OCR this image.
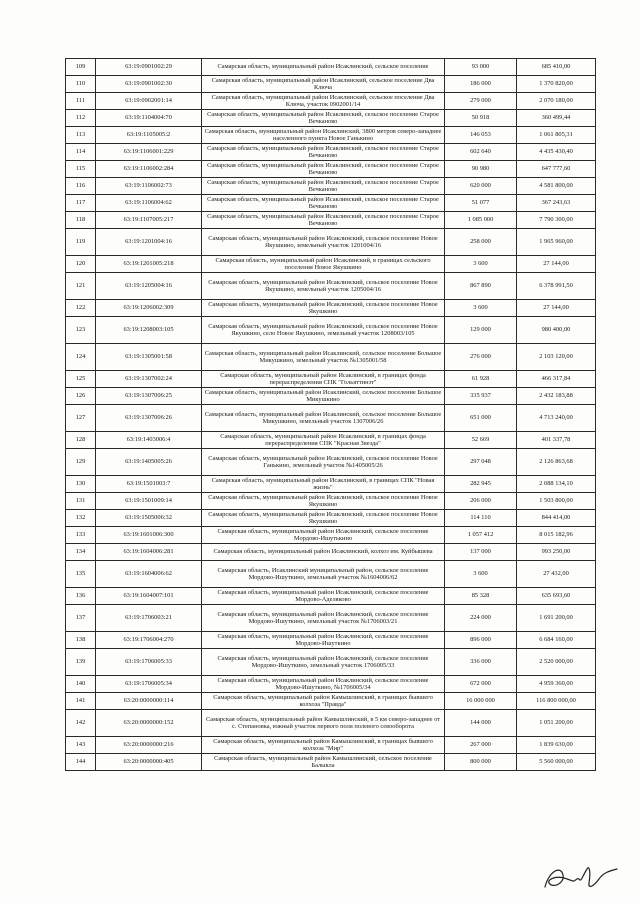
109	63:19:0901002:29	Самарская область, муниципальный район Исаклинский, сельское поселение	93 000	685 410,00
110	63:19:0901002:30	Самарская область, муниципальный район Исаклинский, сельское поселение Два Ключа	186 000	1 370 820,00
111	63:19:0902001:14	Самарская область, муниципальный район Исаклинский, сельское поселение Два Ключа, участок 0902001/14	279 000	2 070 180,00
112	63:19:1104004:70	Самарская область, муниципальный район Исаклинский, сельское поселение Старое Вечканово	50 918	360 499,44
113	63:19:1105005:2	Самарская область, муниципальный район Исаклинский, 3800 метров северо-западнее населенного пункта Новое Ганькино	146 053	1 061 805,31
114	63:19:1106001:229	Самарская область, муниципальный район Исаклинский, сельское поселение Старое Вечканово	602 640	4 435 430,40
115	63:19:1106002:284	Самарская область, муниципальный район Исаклинский, сельское поселение Старое Вечканово	90 980	647 777,60
116	63:19:1106002:73	Самарская область, муниципальный район Исаклинский, сельское поселение Старое Вечканово	620 000	4 581 800,00
117	63:19:1106004:62	Самарская область, муниципальный район Исаклинский, сельское поселение Старое Вечканово	51 077	367 243,63
118	63:19:1107005:217	Самарская область, муниципальный район Исаклинский, сельское поселение Старое Вечканово	1 085 000	7 790 300,00
119	63:19:1201004:16	Самарская область, муниципальный район Исаклинский, сельское поселение Новое Якушкино, земельный участок 1201004/16	258 000	1 965 960,00
120	63:19:1201005:218	Самарская область, муниципальный район Исаклинский, в границах сельского поселения Новое Якушкино	3 600	27 144,00
121	63:19:1205004:16	Самарская область, муниципальный район Исаклинский, сельское поселение Новое Якушкино, земельный участок 1205004/16	867 890	6 378 991,50
122	63:19:1206002:309	Самарская область, муниципальный район Исаклинский, сельское поселение Новое Якушкино	3 600	27 144,00
123	63:19:1208003:105	Самарская область, муниципальный район Исаклинский, сельское поселение Новое Якушкино, село Новое Якушкино, земельный участок 1208003/105	129 000	980 400,00
124	63:19:1305001:58	Самарская область, муниципальный район Исаклинский, сельское поселение Большое Микушкино, земельный участок №1305001/58	276 000	2 103 120,00
125	63:19:1307002:24	Самарская область, муниципальный район Исаклинский, в границах фонда перераспределения СПК "Гольяттинзт"	61 928	466 317,84
126	63:19:1307006:25	Самарская область, муниципальный район Исаклинский, сельское поселение Большое Микушкино	335 937	2 432 183,88
127	63:19:1307006:26	Самарская область, муниципальный район Исаклинский, сельское поселение Большое Микушкино, земельный участок 1307006/26	651 000	4 713 240,00
128	63:19:1403006:4	Самарская область, муниципальный район Исаклинский, в границах фонда перераспределения СПК "Красная Звезда"	52 669	401 337,78
129	63:19:1405005:26	Самарская область, муниципальный район Исаклинский, сельское поселение Новое Ганькино, земельный участок №1405005/26	297 048	2 126 863,68
130	63:19:1501003:7	Самарская область, муниципальный район Исаклинский, в границах СПК "Новая жизнь"	282 945	2 088 134,10
131	63:19:1501009:14	Самарская область, муниципальный район Исаклинский, сельское поселение Новое Якушкино	206 000	1 503 800,00
132	63:19:1505006:32	Самарская область, муниципальный район Исаклинский, сельское поселение Новое Якушкино	114 110	844 414,00
133	63:19:1601006:300	Самарская область, муниципальный район Исаклинский, сельское поселение Мордово-Ишутькино	1 057 412	8 015 182,96
134	63:19:1604006:281	Самарская область, муниципальный район Исаклинский, колхоз им. Куйбышева	137 000	993 250,00
135	63:19:1604006:62	Самарская область, Исаклинский муниципальный район, сельское поселение Мордово-Ишуткино, земельный участок №1604006/62	3 600	27 432,00
136	63:19:1604007:101	Самарская область, муниципальный район Исаклинский, сельское поселение Мордово-Аделяково	85 328	635 693,60
137	63:19:1706003:21	Самарская область, муниципальный район Исаклинский, сельское поселение Мордово-Ишуткино, земельный участок №1706003/21	224 000	1 691 200,00
138	63:19:1706004:270	Самарская область, муниципальный район Исаклинский, сельское поселение Мордово-Ишуткино	896 000	6 684 160,00
139	63:19:1706005:33	Самарская область, муниципальный район Исаклинский, сельское поселение Мордово-Ишуткино, земельный участок 1706005/33	336 000	2 520 000,00
140	63:19:1706005:34	Самарская область, муниципальный район Исаклинский, сельское поселение Мордово-Ишуткино, №1706005/34	672 000	4 959 360,00
141	63:20:0000000:114	Самарская область, муниципальный район Камышлинский, в границах бывшего колхоза "Правда"	16 000 000	116 800 000,00
142	63:20:0000000:152	Самарская область, муниципальный район Камышлинский, в 5 км северо-западнее от с. Степановка, южный участок первого поля полевого севооборота	144 000	1 051 200,00
143	63:20:0000000:216	Самарская область, муниципальный район Камышлинский, в границах бывшего колхоза "Мир"	267 000	1 839 630,00
144	63:20:0000000:405	Самарская область, муниципальный район Камышлинский, сельское поселение Балыкла	800 000	5 560 000,00
